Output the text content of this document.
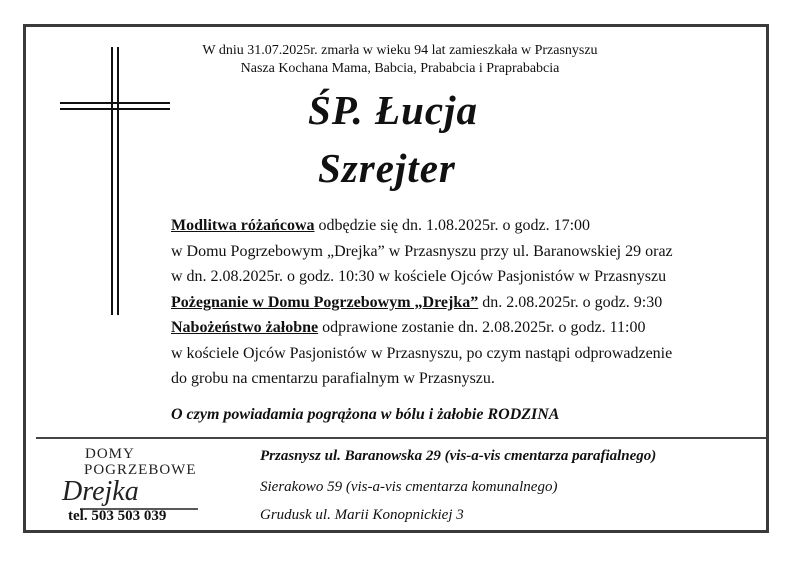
W dniu 31.07.2025r. zmarła w wieku 94 lat zamieszkała w Przasnyszu
Nasza Kochana Mama, Babcia, Prababcia i Praprababcia
ŚP. Łucja
Szrejter

Modlitwa różańcowa odbędzie się dn. 1.08.2025r. o godz. 17:00

w Domu Pogrzebowym „Drejka” w Przasnyszu przy ul. Baranowskiej 29 oraz

w dn. 2.08.2025r. o godz. 10:30 w kościele Ojców Pasjonistów w Przasnyszu

Pożegnanie w Domu Pogrzebowym „Drejka” dn. 2.08.2025r. o godz. 9:30

Nabożeństwo żałobne odprawione zostanie dn. 2.08.2025r. o godz. 11:00

w kościele Ojców Pasjonistów w Przasnyszu, po czym nastąpi odprowadzenie

do grobu na cmentarzu parafialnym w Przasnyszu.

O czym powiadamia pogrążona w bólu i żałobie RODZINA
DOMY
POGRZEBOWE
Drejka
tel. 503 503 039
Przasnysz ul. Baranowska 29 (vis-a-vis cmentarza parafialnego)
Sierakowo 59 (vis-a-vis cmentarza komunalnego)
Grudusk ul. Marii Konopnickiej 3
